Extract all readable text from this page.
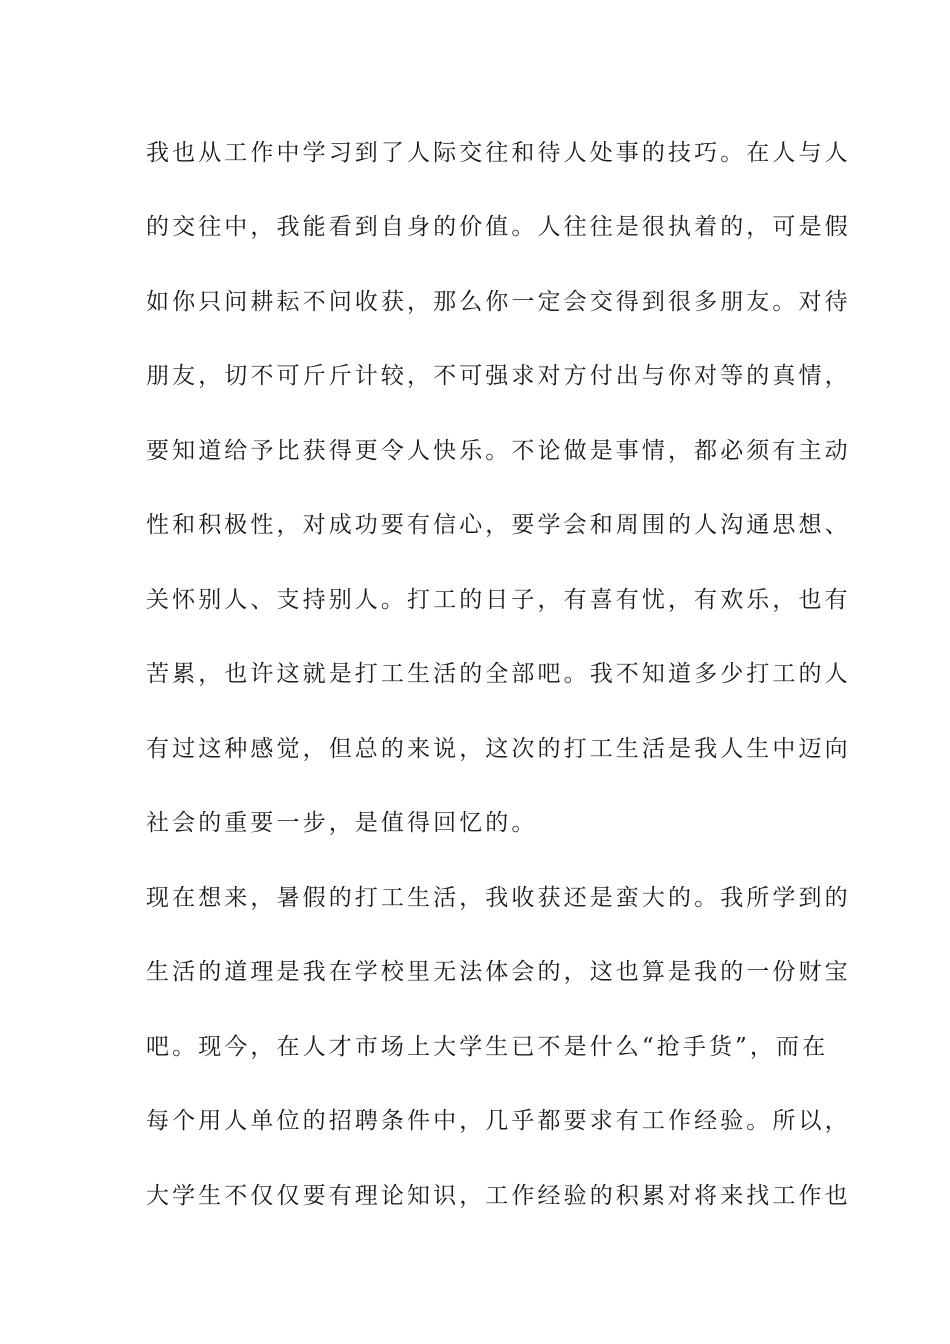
我也从工作中学习到了人际交往和待人处事的技巧。在人与人
的交往中，我能看到自身的价值。人往往是很执着的，可是假
如你只问耕耘不问收获，那么你一定会交得到很多朋友。对待
朋友，切不可斤斤计较，不可强求对方付出与你对等的真情，
要知道给予比获得更令人快乐。不论做是事情，都必须有主动
性和积极性，对成功要有信心，要学会和周围的人沟通思想、
关怀别人、支持别人。打工的日子，有喜有忧，有欢乐，也有
苦累，也许这就是打工生活的全部吧。我不知道多少打工的人
有过这种感觉，但总的来说，这次的打工生活是我人生中迈向
社会的重要一步，是值得回忆的。
现在想来，暑假的打工生活，我收获还是蛮大的。我所学到的
生活的道理是我在学校里无法体会的，这也算是我的一份财宝
吧。现今，在人才市场上大学生已不是什么“抢手货”，而在
每个用人单位的招聘条件中，几乎都要求有工作经验。所以，
大学生不仅仅要有理论知识，工作经验的积累对将来找工作也
